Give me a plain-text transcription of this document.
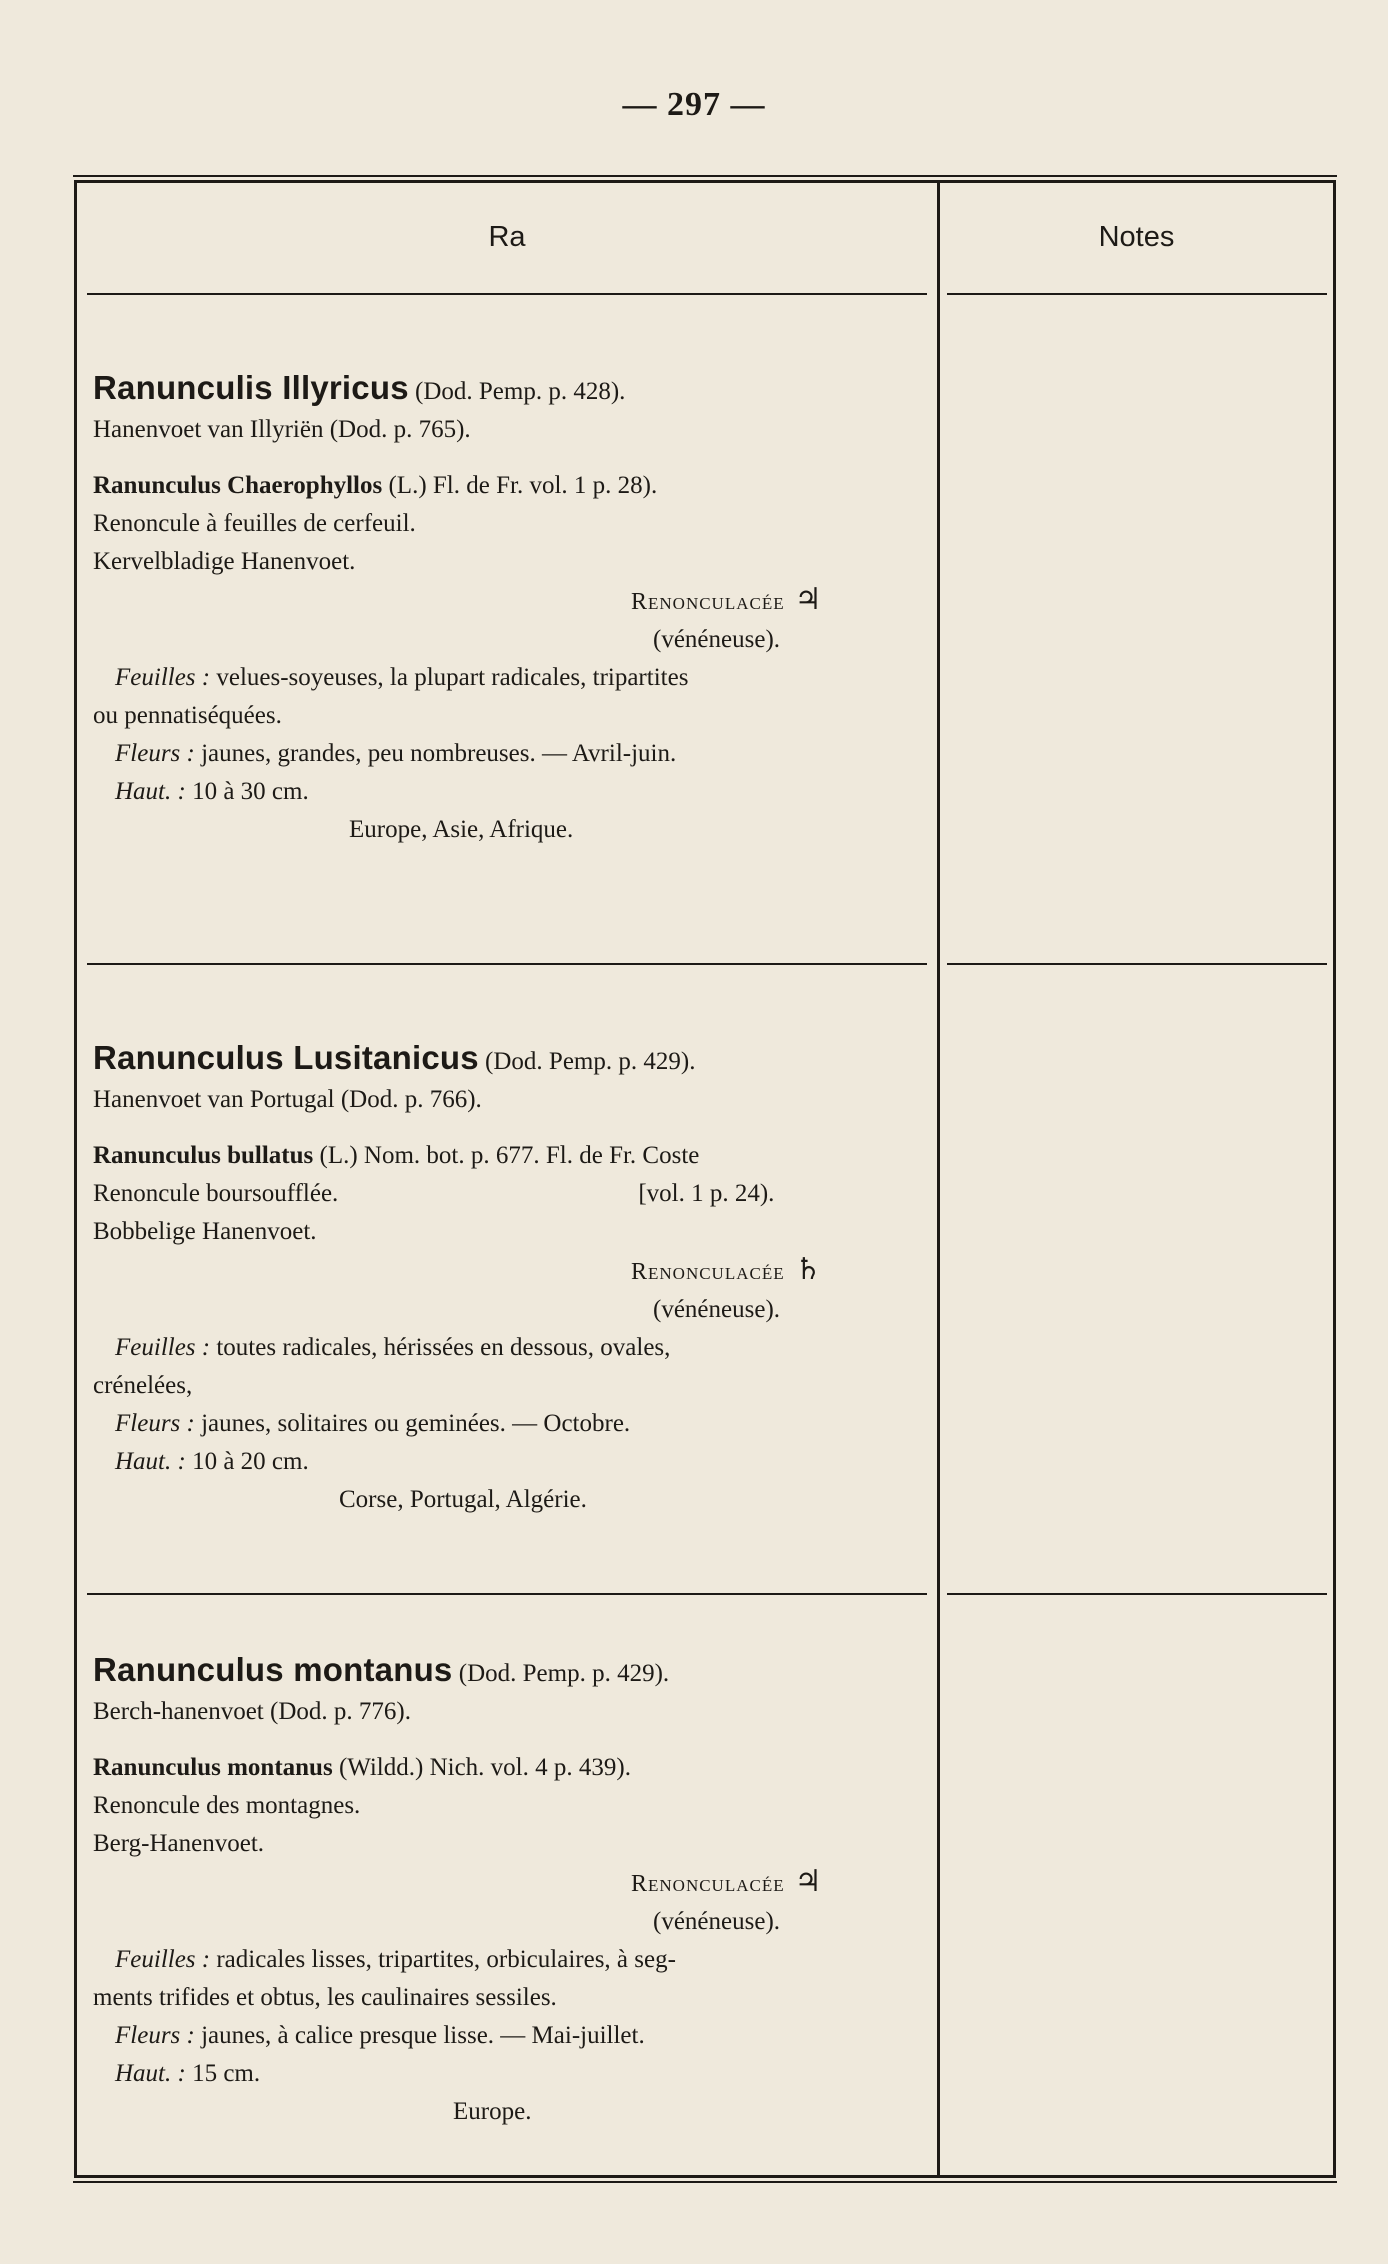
— 297 —
Ra	Notes
Ranunculis Illyricus (Dod. Pemp. p. 428).
Hanenvoet van Illyriën (Dod. p. 765).
Ranunculus Chaerophyllos (L.) Fl. de Fr. vol. 1 p. 28).
Renoncule à feuilles de cerfeuil.
Kervelbladige Hanenvoet.
Renonculacée ♃
(vénéneuse).
Feuilles : velues-soyeuses, la plupart radicales, tripartites
ou pennatiséquées.
Fleurs : jaunes, grandes, peu nombreuses. — Avril-juin.
Haut. : 10 à 30 cm.
Europe, Asie, Afrique.
Ranunculus Lusitanicus (Dod. Pemp. p. 429).
Hanenvoet van Portugal (Dod. p. 766).
Ranunculus bullatus (L.) Nom. bot. p. 677. Fl. de Fr. Coste
Renoncule boursoufflée.	[vol. 1 p. 24).
Bobbelige Hanenvoet.
Renonculacée ♄
(vénéneuse).
Feuilles : toutes radicales, hérissées en dessous, ovales,
crénelées,
Fleurs : jaunes, solitaires ou geminées. — Octobre.
Haut. : 10 à 20 cm.
Corse, Portugal, Algérie.
Ranunculus montanus (Dod. Pemp. p. 429).
Berch-hanenvoet (Dod. p. 776).
Ranunculus montanus (Wildd.) Nich. vol. 4 p. 439).
Renoncule des montagnes.
Berg-Hanenvoet.
Renonculacée ♃
(vénéneuse).
Feuilles : radicales lisses, tripartites, orbiculaires, à seg-
ments trifides et obtus, les caulinaires sessiles.
Fleurs : jaunes, à calice presque lisse. — Mai-juillet.
Haut. : 15 cm.
Europe.
